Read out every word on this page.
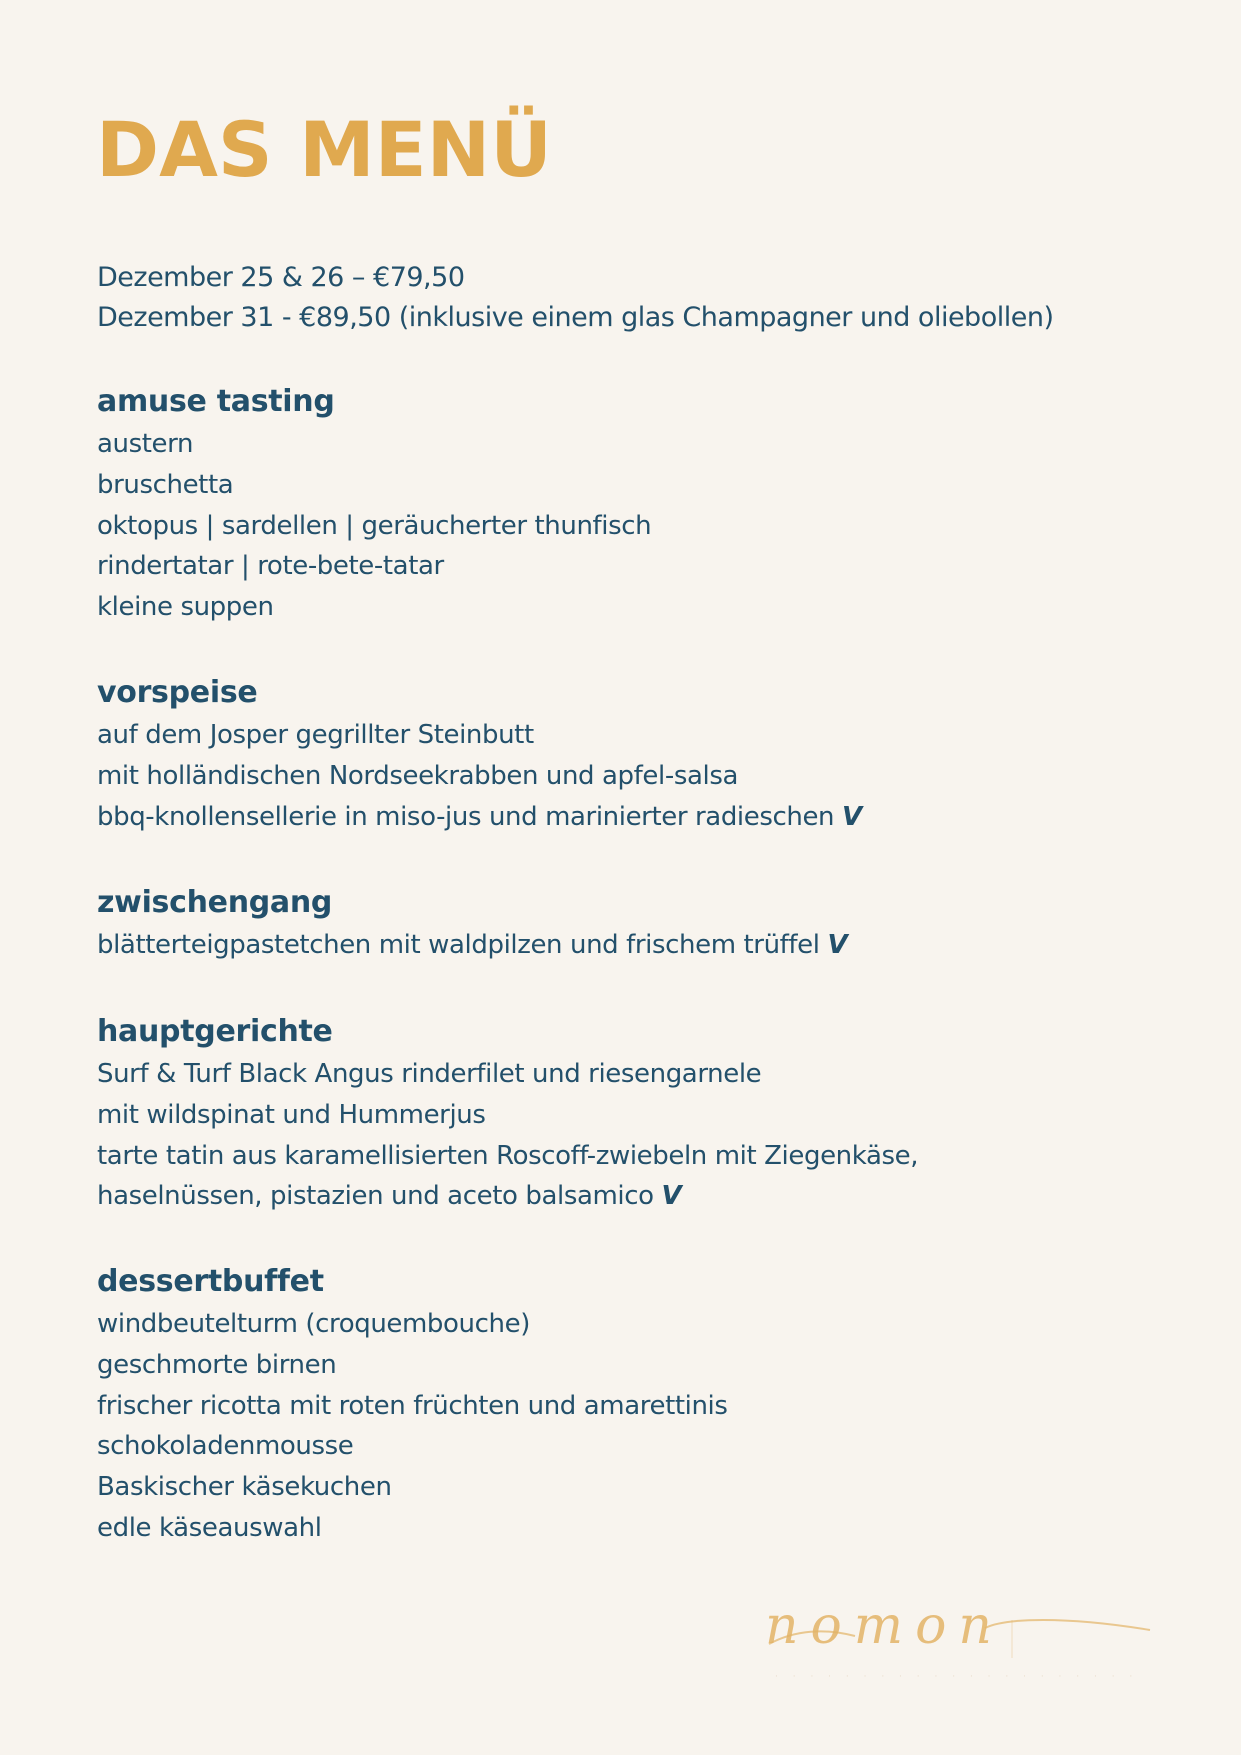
DAS MENÜ
Dezember 25 & 26 – €79,50
Dezember 31 - €89,50 (inklusive einem glas Champagner und oliebollen)
amuse tasting
austern
bruschetta
oktopus | sardellen | geräucherter thunfisch
rindertatar | rote-bete-tatar
kleine suppen
vorspeise
auf dem Josper gegrillter Steinbutt
mit holländischen Nordseekrabben und apfel-salsa
bbq-knollensellerie in miso-jus und marinierter radieschen V
zwischengang
blätterteigpastetchen mit waldpilzen und frischem trüffel V
hauptgerichte
Surf & Turf Black Angus rinderfilet und riesengarnele
mit wildspinat und Hummerjus
tarte tatin aus karamellisierten Roscoff-zwiebeln mit Ziegenkäse,
haselnüssen, pistazien und aceto balsamico V
dessertbuffet
windbeutelturm (croquembouche)
geschmorte birnen
frischer ricotta mit roten früchten und amarettinis
schokoladenmousse
Baskischer käsekuchen
edle käseauswahl
nomon
· · · · · · · · · · · · · · · · · · · · ·
